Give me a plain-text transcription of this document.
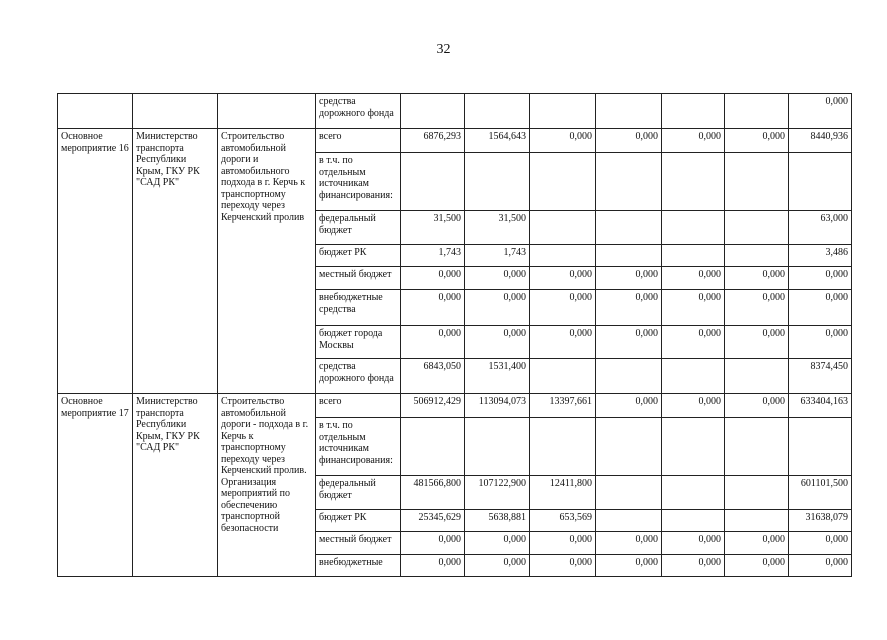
32
			средства дорожного фонда							0,000
Основное мероприятие 16	Министерство транспорта Республики Крым, ГКУ РК "САД РК"	Строительство автомобильной дороги и автомобильного подхода в г. Керчь к транспортному переходу через Керченский пролив	всего	6876,293	1564,643	0,000	0,000	0,000	0,000	8440,936
			в т.ч. по отдельным источникам финансирования:							
			федеральный бюджет	31,500	31,500					63,000
			бюджет РК	1,743	1,743					3,486
			местный бюджет	0,000	0,000	0,000	0,000	0,000	0,000	0,000
			внебюджетные средства	0,000	0,000	0,000	0,000	0,000	0,000	0,000
			бюджет города Москвы	0,000	0,000	0,000	0,000	0,000	0,000	0,000
			средства дорожного фонда	6843,050	1531,400					8374,450
Основное мероприятие 17	Министерство транспорта Республики Крым, ГКУ РК "САД РК"	Строительство автомобильной дороги - подхода в г. Керчь к транспортному переходу через Керченский пролив. Организация мероприятий по обеспечению транспортной безопасности	всего	506912,429	113094,073	13397,661	0,000	0,000	0,000	633404,163
			в т.ч. по отдельным источникам финансирования:							
			федеральный бюджет	481566,800	107122,900	12411,800				601101,500
			бюджет РК	25345,629	5638,881	653,569				31638,079
			местный бюджет	0,000	0,000	0,000	0,000	0,000	0,000	0,000
			внебюджетные	0,000	0,000	0,000	0,000	0,000	0,000	0,000
